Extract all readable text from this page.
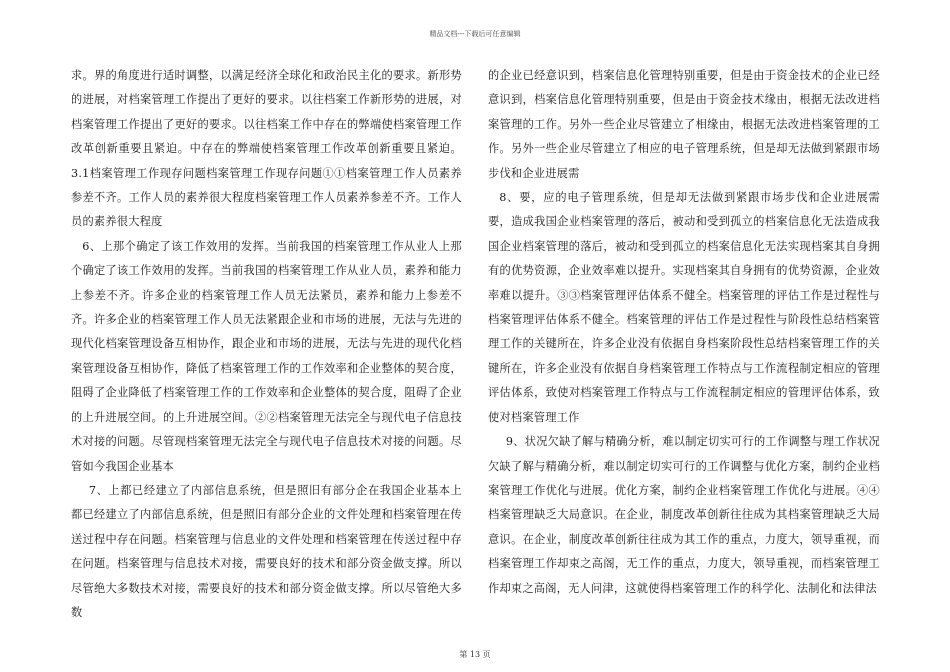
精品文档---下载后可任意编辑

求。界的角度进行适时调整，以满足经济全球化和政治民主化的要求。新形势的进展，对档案管理工作提出了更好的要求。以往档案工作新形势的进展，对档案管理工作提出了更好的要求。以往档案工作中存在的弊端使档案管理工作改革创新重要且紧迫。中存在的弊端使档案管理工作改革创新重要且紧迫。3.1档案管理工作现存问题档案管理工作现存问题①①档案管理工作人员素养参差不齐。工作人员的素养很大程度档案管理工作人员素养参差不齐。工作人员的素养很大程度

6、上那个确定了该工作效用的发挥。当前我国的档案管理工作从业人上那个确定了该工作效用的发挥。当前我国的档案管理工作从业人员，素养和能力上参差不齐。许多企业的档案管理工作人员无法紧员，素养和能力上参差不齐。许多企业的档案管理工作人员无法紧跟企业和市场的进展，无法与先进的现代化档案管理设备互相协作，跟企业和市场的进展，无法与先进的现代化档案管理设备互相协作，降低了档案管理工作的工作效率和企业整体的契合度，阻碍了企业降低了档案管理工作的工作效率和企业整体的契合度，阻碍了企业的上升进展空间。的上升进展空间。②②档案管理无法完全与现代电子信息技术对接的问题。尽管现档案管理无法完全与现代电子信息技术对接的问题。尽管如今我国企业基本

7、上都已经建立了内部信息系统，但是照旧有部分企在我国企业基本上都已经建立了内部信息系统，但是照旧有部分企业的文件处理和档案管理在传送过程中存在问题。档案管理与信息业的文件处理和档案管理在传送过程中存在问题。档案管理与信息技术对接，需要良好的技术和部分资金做支撑。所以尽管绝大多数技术对接，需要良好的技术和部分资金做支撑。所以尽管绝大多数

的企业已经意识到，档案信息化管理特别重要，但是由于资金技术的企业已经意识到，档案信息化管理特别重要，但是由于资金技术缘由，根据无法改进档案管理的工作。另外一些企业尽管建立了相缘由，根据无法改进档案管理的工作。另外一些企业尽管建立了相应的电子管理系统，但是却无法做到紧跟市场步伐和企业进展需

8、要，应的电子管理系统，但是却无法做到紧跟市场步伐和企业进展需要，造成我国企业档案管理的落后，被动和受到孤立的档案信息化无法造成我国企业档案管理的落后，被动和受到孤立的档案信息化无法实现档案其自身拥有的优势资源，企业效率难以提升。实现档案其自身拥有的优势资源，企业效率难以提升。③③档案管理评估体系不健全。档案管理的评估工作是过程性与档案管理评估体系不健全。档案管理的评估工作是过程性与阶段性总结档案管理工作的关键所在，许多企业没有依据自身档案阶段性总结档案管理工作的关键所在，许多企业没有依据自身档案管理工作特点与工作流程制定相应的管理评估体系，致使对档案管理工作特点与工作流程制定相应的管理评估体系，致使对档案管理工作

9、状况欠缺了解与精确分析，难以制定切实可行的工作调整与理工作状况欠缺了解与精确分析，难以制定切实可行的工作调整与优化方案，制约企业档案管理工作优化与进展。优化方案，制约企业档案管理工作优化与进展。④④档案管理缺乏大局意识。在企业，制度改革创新往往成为其档案管理缺乏大局意识。在企业，制度改革创新往往成为其工作的重点，力度大，领导重视，而档案管理工作却束之高阁，无工作的重点，力度大，领导重视，而档案管理工作却束之高阁，无人问津，这就使得档案管理工作的科学化、法制化和法律法

第 13 页
